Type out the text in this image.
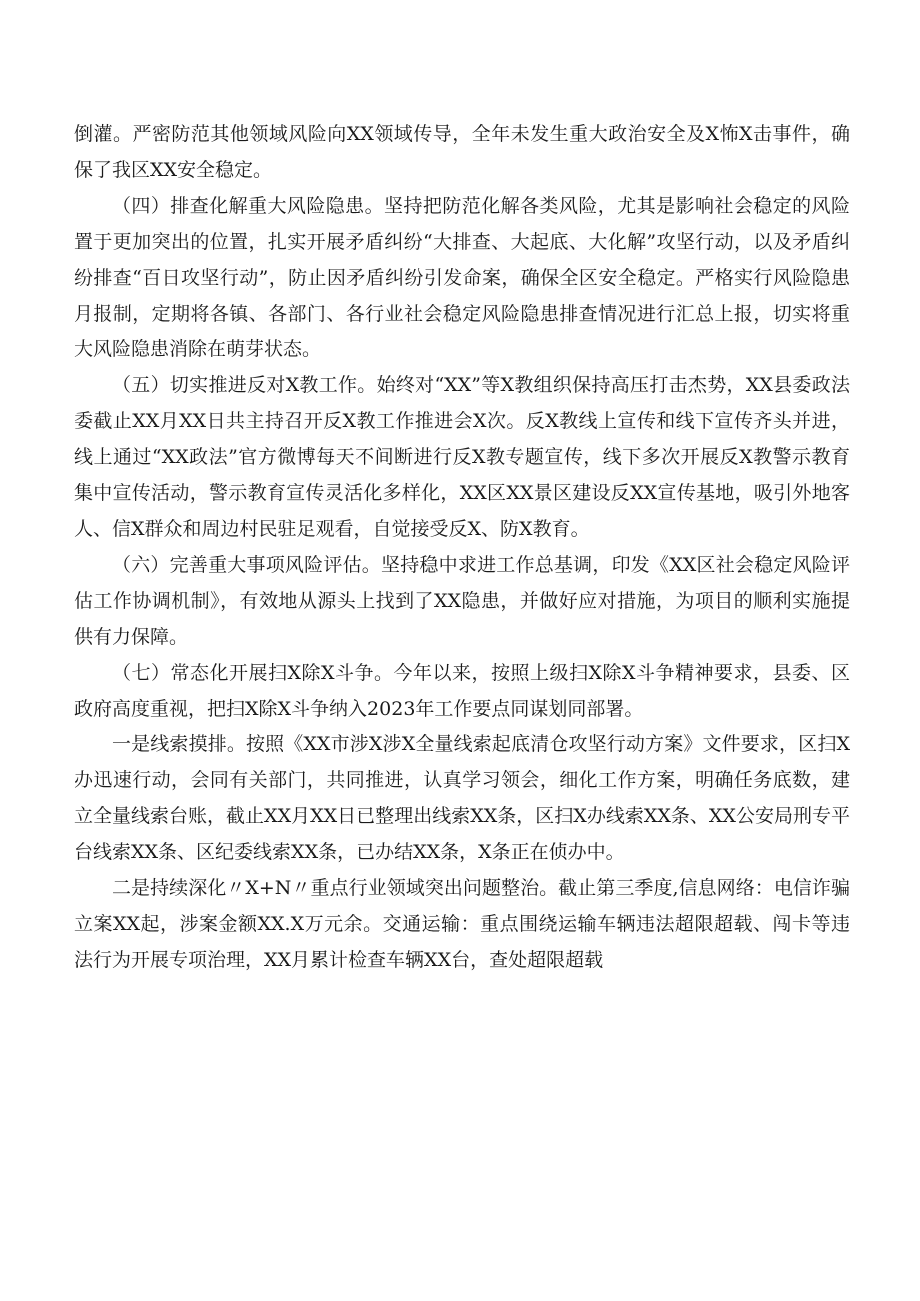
倒灌。严密防范其他领域风险向XX领域传导，全年未发生重大政治安全及X怖X击事件，确保了我区XX安全稳定。

（四）排查化解重大风险隐患。坚持把防范化解各类风险，尤其是影响社会稳定的风险置于更加突出的位置，扎实开展矛盾纠纷“大排查、大起底、大化解”攻坚行动，以及矛盾纠纷排查“百日攻坚行动”，防止因矛盾纠纷引发命案，确保全区安全稳定。严格实行风险隐患月报制，定期将各镇、各部门、各行业社会稳定风险隐患排查情况进行汇总上报，切实将重大风险隐患消除在萌芽状态。

（五）切实推进反对X教工作。始终对“XX”等X教组织保持高压打击杰势，XX县委政法委截止XX月XX日共主持召开反X教工作推进会X次。反X教线上宣传和线下宣传齐头并进，线上通过“XX政法”官方微博每天不间断进行反X教专题宣传，线下多次开展反X教警示教育集中宣传活动，警示教育宣传灵活化多样化，XX区XX景区建设反XX宣传基地，吸引外地客人、信X群众和周边村民驻足观看，自觉接受反X、防X教育。

（六）完善重大事项风险评估。坚持稳中求进工作总基调，印发《XX区社会稳定风险评估工作协调机制》，有效地从源头上找到了XX隐患，并做好应对措施，为项目的顺利实施提供有力保障。

（七）常态化开展扫X除X斗争。今年以来，按照上级扫X除X斗争精神要求，县委、区政府高度重视，把扫X除X斗争纳入2023年工作要点同谋划同部署。

一是线索摸排。按照《XX市涉X涉X全量线索起底清仓攻坚行动方案》文件要求，区扫X办迅速行动，会同有关部门，共同推进，认真学习领会，细化工作方案，明确任务底数，建立全量线索台账，截止XX月XX日已整理出线索XX条，区扫X办线索XX条、XX公安局刑专平台线索XX条、区纪委线索XX条，已办结XX条，X条正在侦办中。

二是持续深化〃X+N〃重点行业领域突出问题整治。截止第三季度,信息网络：电信诈骗立案XX起，涉案金额XX.X万元余。交通运输：重点围绕运输车辆违法超限超载、闯卡等违法行为开展专项治理，XX月累计检查车辆XX台，查处超限超载
